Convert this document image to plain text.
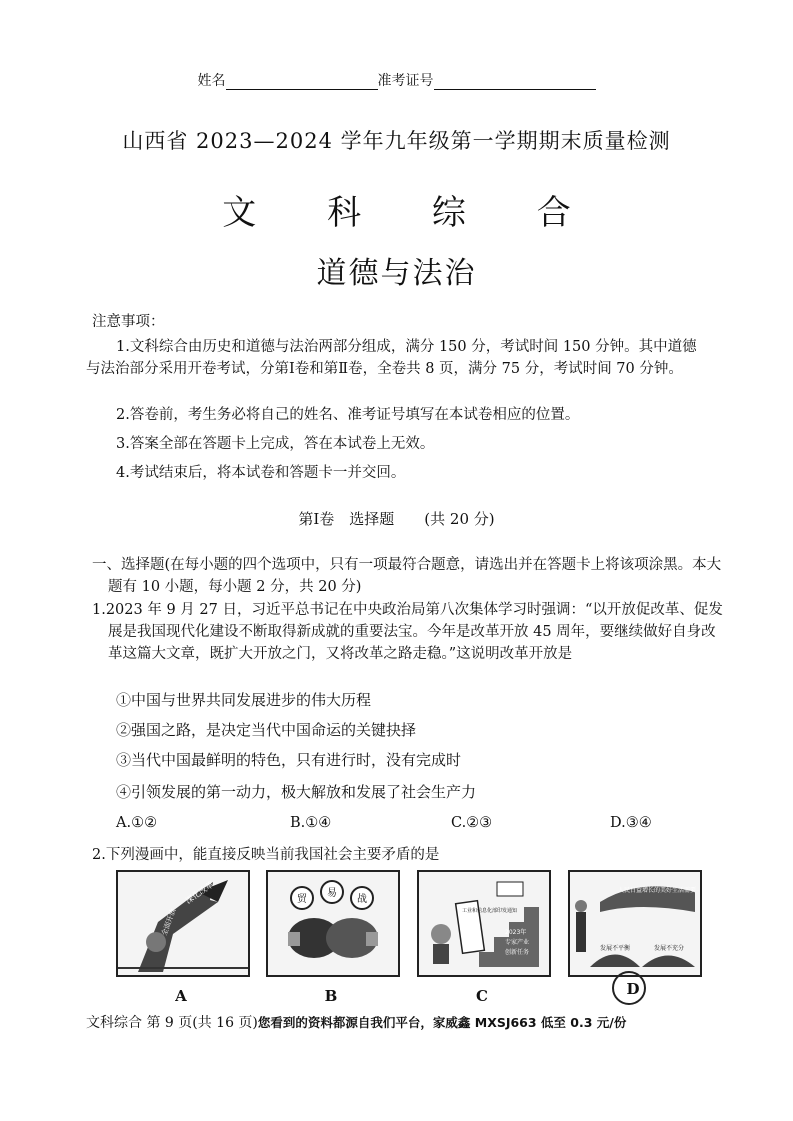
姓名	准考证号
山西省 2023—2024 学年九年级第一学期期末质量检测
文 科 综 合
道德与法治
注意事项：
1.文科综合由历史和道德与法治两部分组成，满分 150 分，考试时间 150 分钟。其中道德与法治部分采用开卷考试，分第Ⅰ卷和第Ⅱ卷，全卷共 8 页，满分 75 分，考试时间 70 分钟。
2.答卷前，考生务必将自己的姓名、准考证号填写在本试卷相应的位置。
3.答案全部在答题卡上完成，答在本试卷上无效。
4.考试结束后，将本试卷和答题卡一并交回。
第Ⅰ卷　选择题　　(共 20 分)
一、选择题(在每小题的四个选项中，只有一项最符合题意，请选出并在答题卡上将该项涂黑。本大题有 10 小题，每小题 2 分，共 20 分)
1.2023 年 9 月 27 日，习近平总书记在中央政治局第八次集体学习时强调：“以开放促改革、促发展是我国现代化建设不断取得新成就的重要法宝。今年是改革开放 45 周年，要继续做好自身改革这篇大文章，既扩大开放之门，又将改革之路走稳。”这说明改革开放是
①中国与世界共同发展进步的伟大历程
②强国之路，是决定当代中国命运的关键抉择
③当代中国最鲜明的特色，只有进行时，没有完成时
④引领发展的第一动力，极大解放和发展了社会生产力
A.①②	B.①④	C.②③	D.③④
2.下列漫画中，能直接反映当前我国社会主要矛盾的是
深化改革
全面开放
贸
易
战
工业和信息化部印发通知
2023年
专家产业
创新任务
人民日益增长的美好生活需要
发展不平衡	发展不充分
A	B	C	D
文科综合 第 9 页(共 16 页)您看到的资料都源自我们平台，家威鑫 MXSJ663 低至 0.3 元/份
